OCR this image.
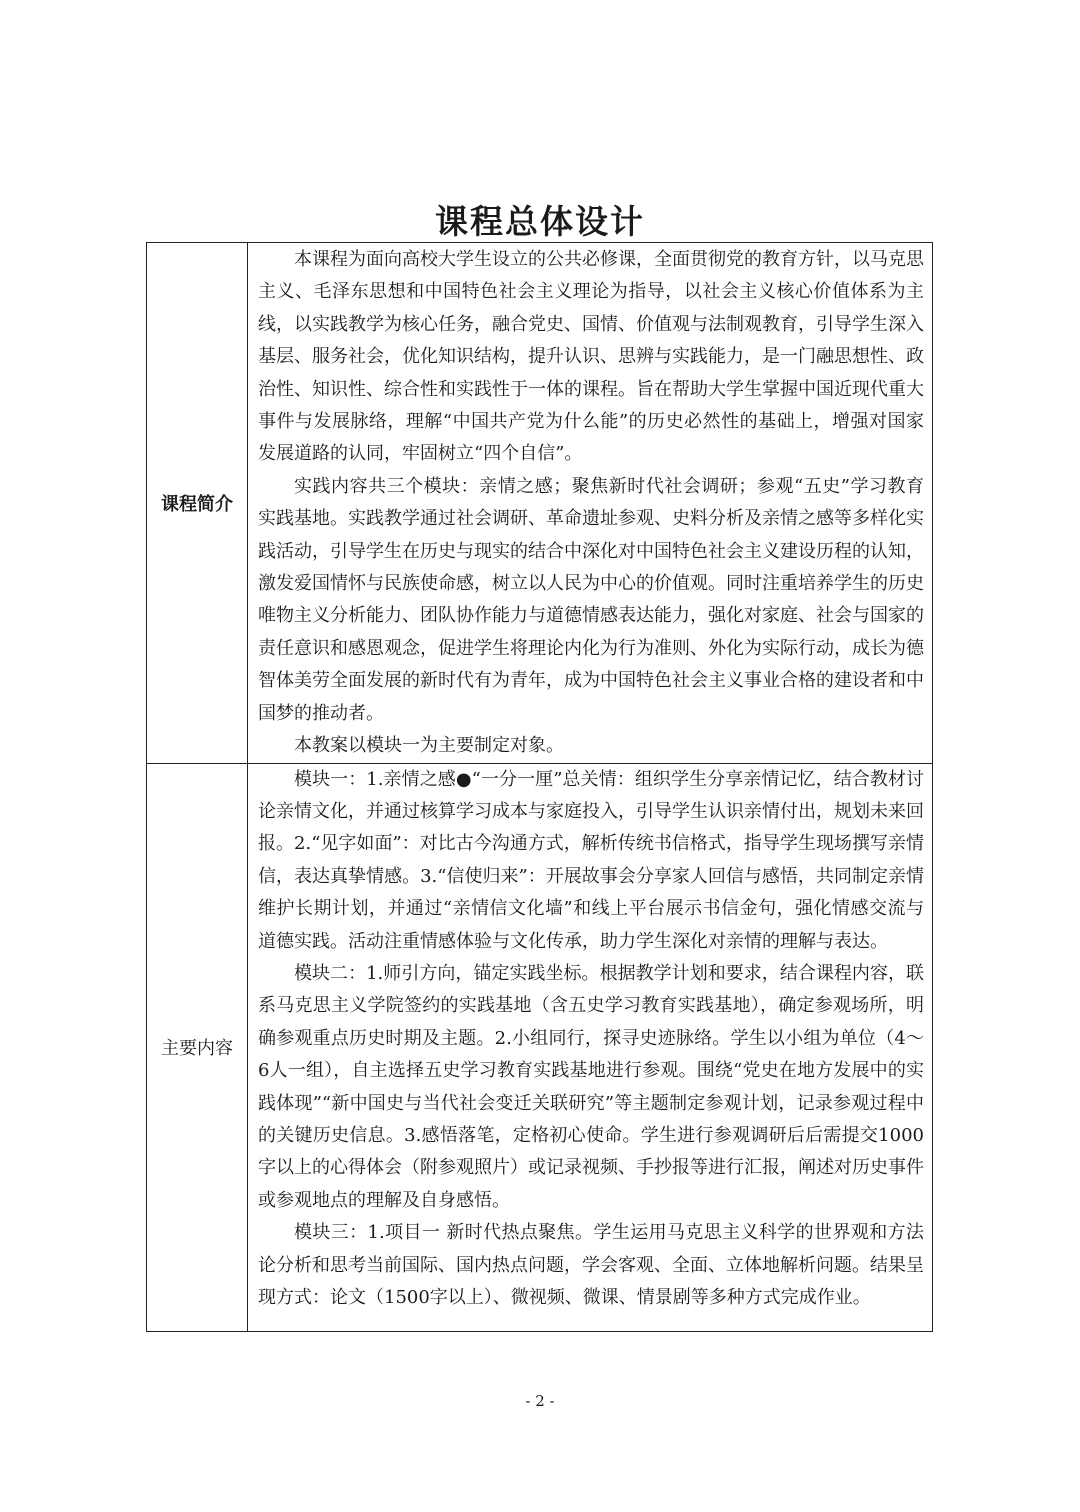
课程总体设计
课程简介	本课程为面向高校大学生设立的公共必修课，全面贯彻党的教育方针，以马克思主义、毛泽东思想和中国特色社会主义理论为指导，以社会主义核心价值体系为主线，以实践教学为核心任务，融合党史、国情、价值观与法制观教育，引导学生深入基层、服务社会，优化知识结构，提升认识、思辨与实践能力，是一门融思想性、政治性、知识性、综合性和实践性于一体的课程。旨在帮助大学生掌握中国近现代重大事件与发展脉络，理解“中国共产党为什么能”的历史必然性的基础上，增强对国家发展道路的认同，牢固树立“四个自信”。

实践内容共三个模块：亲情之感；聚焦新时代社会调研；参观“五史”学习教育实践基地。实践教学通过社会调研、革命遗址参观、史料分析及亲情之感等多样化实践活动，引导学生在历史与现实的结合中深化对中国特色社会主义建设历程的认知，激发爱国情怀与民族使命感，树立以人民为中心的价值观。同时注重培养学生的历史唯物主义分析能力、团队协作能力与道德情感表达能力，强化对家庭、社会与国家的责任意识和感恩观念，促进学生将理论内化为行为准则、外化为实际行动，成长为德智体美劳全面发展的新时代有为青年，成为中国特色社会主义事业合格的建设者和中国梦的推动者。

本教案以模块一为主要制定对象。

主要内容	模块一：1.亲情之感●“一分一厘”总关情：组织学生分享亲情记忆，结合教材讨论亲情文化，并通过核算学习成本与家庭投入，引导学生认识亲情付出，规划未来回报。2.“见字如面”：对比古今沟通方式，解析传统书信格式，指导学生现场撰写亲情信，表达真挚情感。3.“信使归来”：开展故事会分享家人回信与感悟，共同制定亲情维护长期计划，并通过“亲情信文化墙”和线上平台展示书信金句，强化情感交流与道德实践。活动注重情感体验与文化传承，助力学生深化对亲情的理解与表达。

模块二：1.师引方向，锚定实践坐标。根据教学计划和要求，结合课程内容，联系马克思主义学院签约的实践基地（含五史学习教育实践基地），确定参观场所，明确参观重点历史时期及主题。2.小组同行，探寻史迹脉络。学生以小组为单位（4～6人一组），自主选择五史学习教育实践基地进行参观。围绕“党史在地方发展中的实践体现”“新中国史与当代社会变迁关联研究”等主题制定参观计划，记录参观过程中的关键历史信息。3.感悟落笔，定格初心使命。学生进行参观调研后后需提交1000字以上的心得体会（附参观照片）或记录视频、手抄报等进行汇报，阐述对历史事件或参观地点的理解及自身感悟。

模块三：1.项目一 新时代热点聚焦。学生运用马克思主义科学的世界观和方法论分析和思考当前国际、国内热点问题，学会客观、全面、立体地解析问题。结果呈现方式：论文（1500字以上）、微视频、微课、情景剧等多种方式完成作业。

- 2 -
